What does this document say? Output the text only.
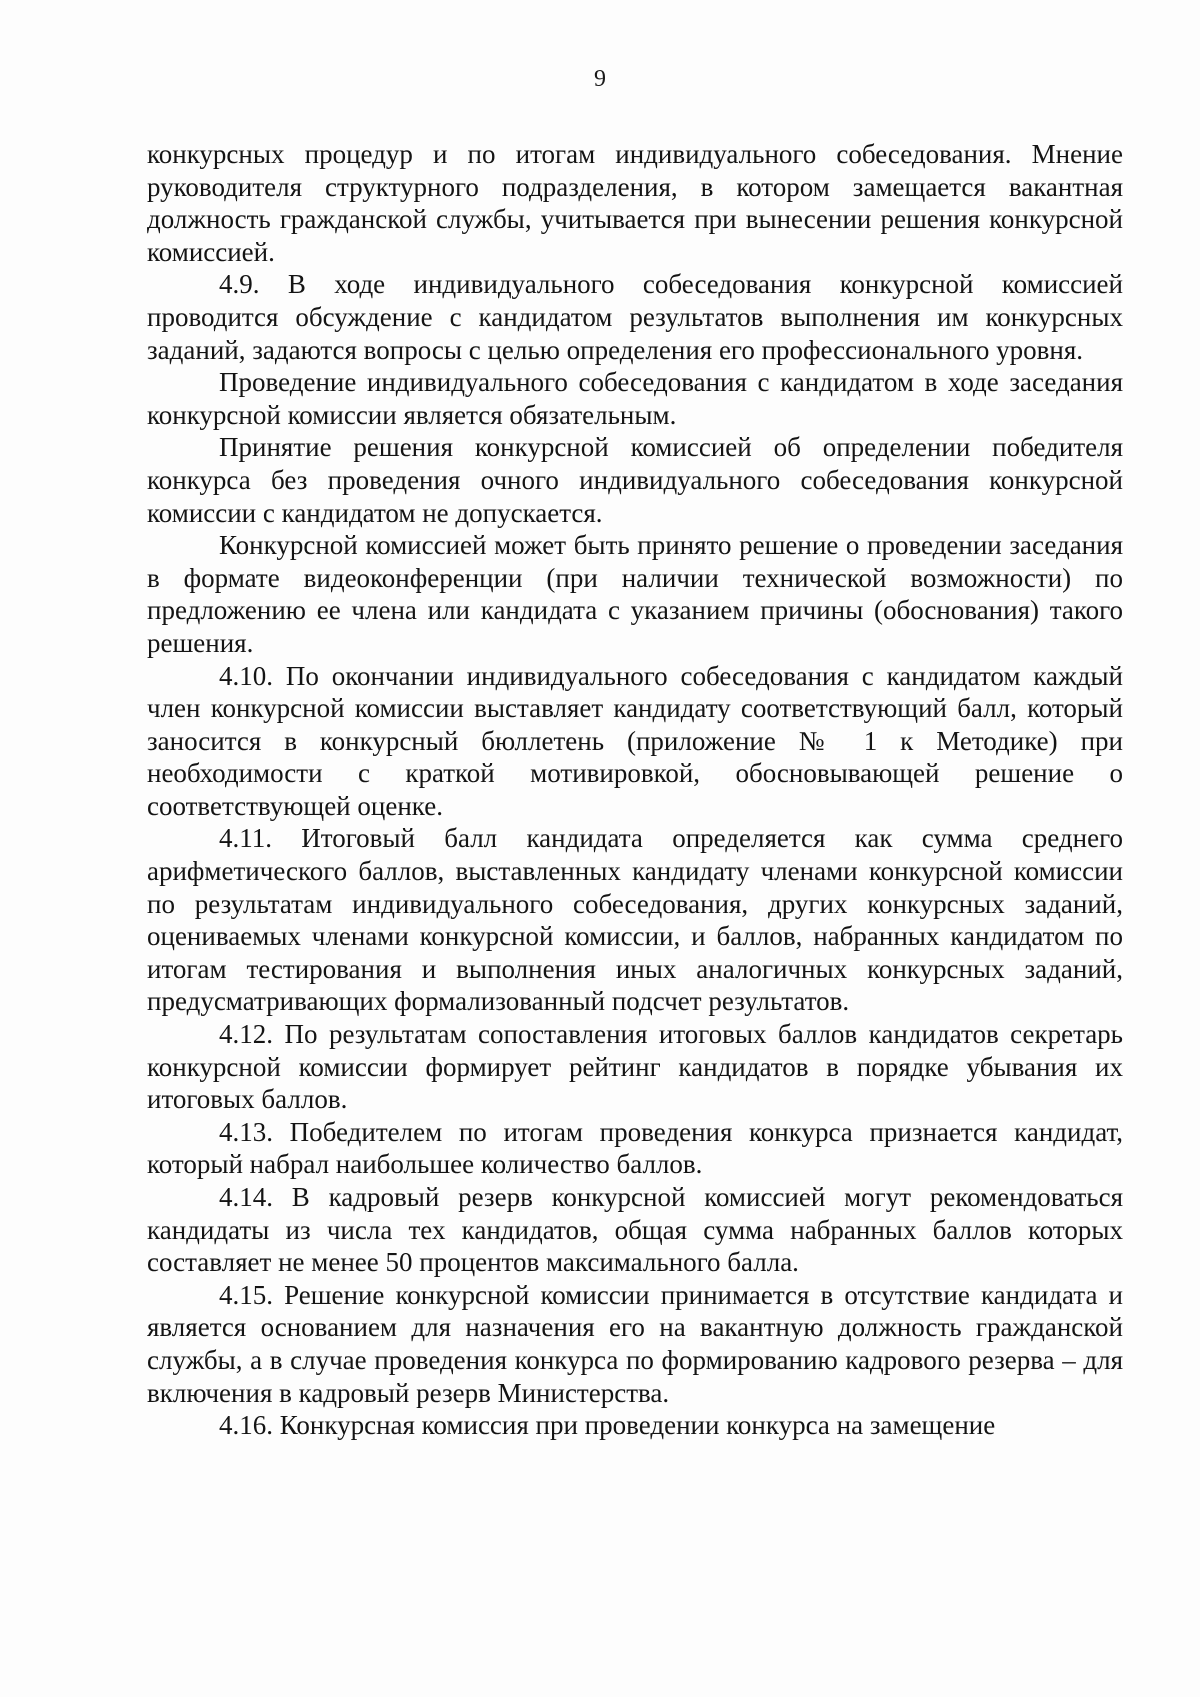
9

конкурсных процедур и по итогам индивидуального собеседования. Мнение руководителя структурного подразделения, в котором замещается вакантная должность гражданской службы, учитывается при вынесении решения конкурсной комиссией.

4.9. В ходе индивидуального собеседования конкурсной комиссией проводится обсуждение с кандидатом результатов выполнения им конкурсных заданий, задаются вопросы с целью определения его профессионального уровня.

Проведение индивидуального собеседования с кандидатом в ходе заседания конкурсной комиссии является обязательным.

Принятие решения конкурсной комиссией об определении победителя конкурса без проведения очного индивидуального собеседования конкурсной комиссии с кандидатом не допускается.

Конкурсной комиссией может быть принято решение о проведении заседания в формате видеоконференции (при наличии технической возможности) по предложению ее члена или кандидата с указанием причины (обоснования) такого решения.

4.10. По окончании индивидуального собеседования с кандидатом каждый член конкурсной комиссии выставляет кандидату соответствующий балл, который заносится в конкурсный бюллетень (приложение № 1 к Методике) при необходимости с краткой мотивировкой, обосновывающей решение о соответствующей оценке.

4.11. Итоговый балл кандидата определяется как сумма среднего арифметического баллов, выставленных кандидату членами конкурсной комиссии по результатам индивидуального собеседования, других конкурсных заданий, оцениваемых членами конкурсной комиссии, и баллов, набранных кандидатом по итогам тестирования и выполнения иных аналогичных конкурсных заданий, предусматривающих формализованный подсчет результатов.

4.12. По результатам сопоставления итоговых баллов кандидатов секретарь конкурсной комиссии формирует рейтинг кандидатов в порядке убывания их итоговых баллов.

4.13. Победителем по итогам проведения конкурса признается кандидат, который набрал наибольшее количество баллов.

4.14. В кадровый резерв конкурсной комиссией могут рекомендоваться кандидаты из числа тех кандидатов, общая сумма набранных баллов которых составляет не менее 50 процентов максимального балла.

4.15. Решение конкурсной комиссии принимается в отсутствие кандидата и является основанием для назначения его на вакантную должность гражданской службы, а в случае проведения конкурса по формированию кадрового резерва – для включения в кадровый резерв Министерства.

4.16. Конкурсная комиссия при проведении конкурса на замещение
